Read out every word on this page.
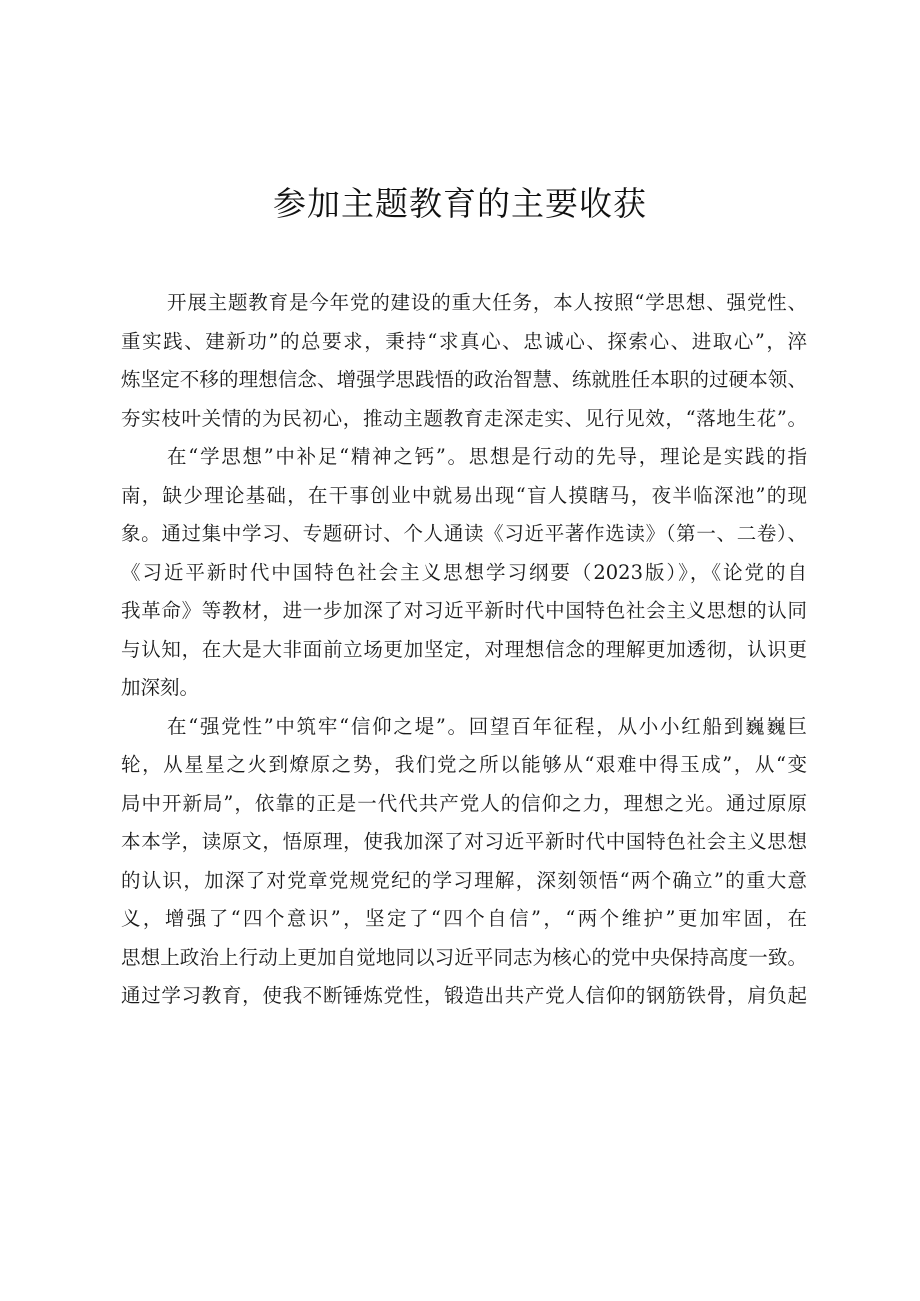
参加主题教育的主要收获
开展主题教育是今年党的建设的重大任务，本人按照“学思想、强党性、
重实践、建新功”的总要求，秉持“求真心、忠诚心、探索心、进取心”，淬
炼坚定不移的理想信念、增强学思践悟的政治智慧、练就胜任本职的过硬本领、
夯实枝叶关情的为民初心，推动主题教育走深走实、见行见效，“落地生花”。
在“学思想”中补足“精神之钙”。思想是行动的先导，理论是实践的指
南，缺少理论基础，在干事创业中就易出现“盲人摸瞎马，夜半临深池”的现
象。通过集中学习、专题研讨、个人通读《习近平著作选读》（第一、二卷）、
《习近平新时代中国特色社会主义思想学习纲要（2023版）》，《论党的自
我革命》等教材，进一步加深了对习近平新时代中国特色社会主义思想的认同
与认知，在大是大非面前立场更加坚定，对理想信念的理解更加透彻，认识更
加深刻。
在“强党性”中筑牢“信仰之堤”。回望百年征程，从小小红船到巍巍巨
轮，从星星之火到燎原之势，我们党之所以能够从“艰难中得玉成”，从“变
局中开新局”，依靠的正是一代代共产党人的信仰之力，理想之光。通过原原
本本学，读原文，悟原理，使我加深了对习近平新时代中国特色社会主义思想
的认识，加深了对党章党规党纪的学习理解，深刻领悟“两个确立”的重大意
义，增强了“四个意识”，坚定了“四个自信”，“两个维护”更加牢固，在
思想上政治上行动上更加自觉地同以习近平同志为核心的党中央保持高度一致。
通过学习教育，使我不断锤炼党性，锻造出共产党人信仰的钢筋铁骨，肩负起
